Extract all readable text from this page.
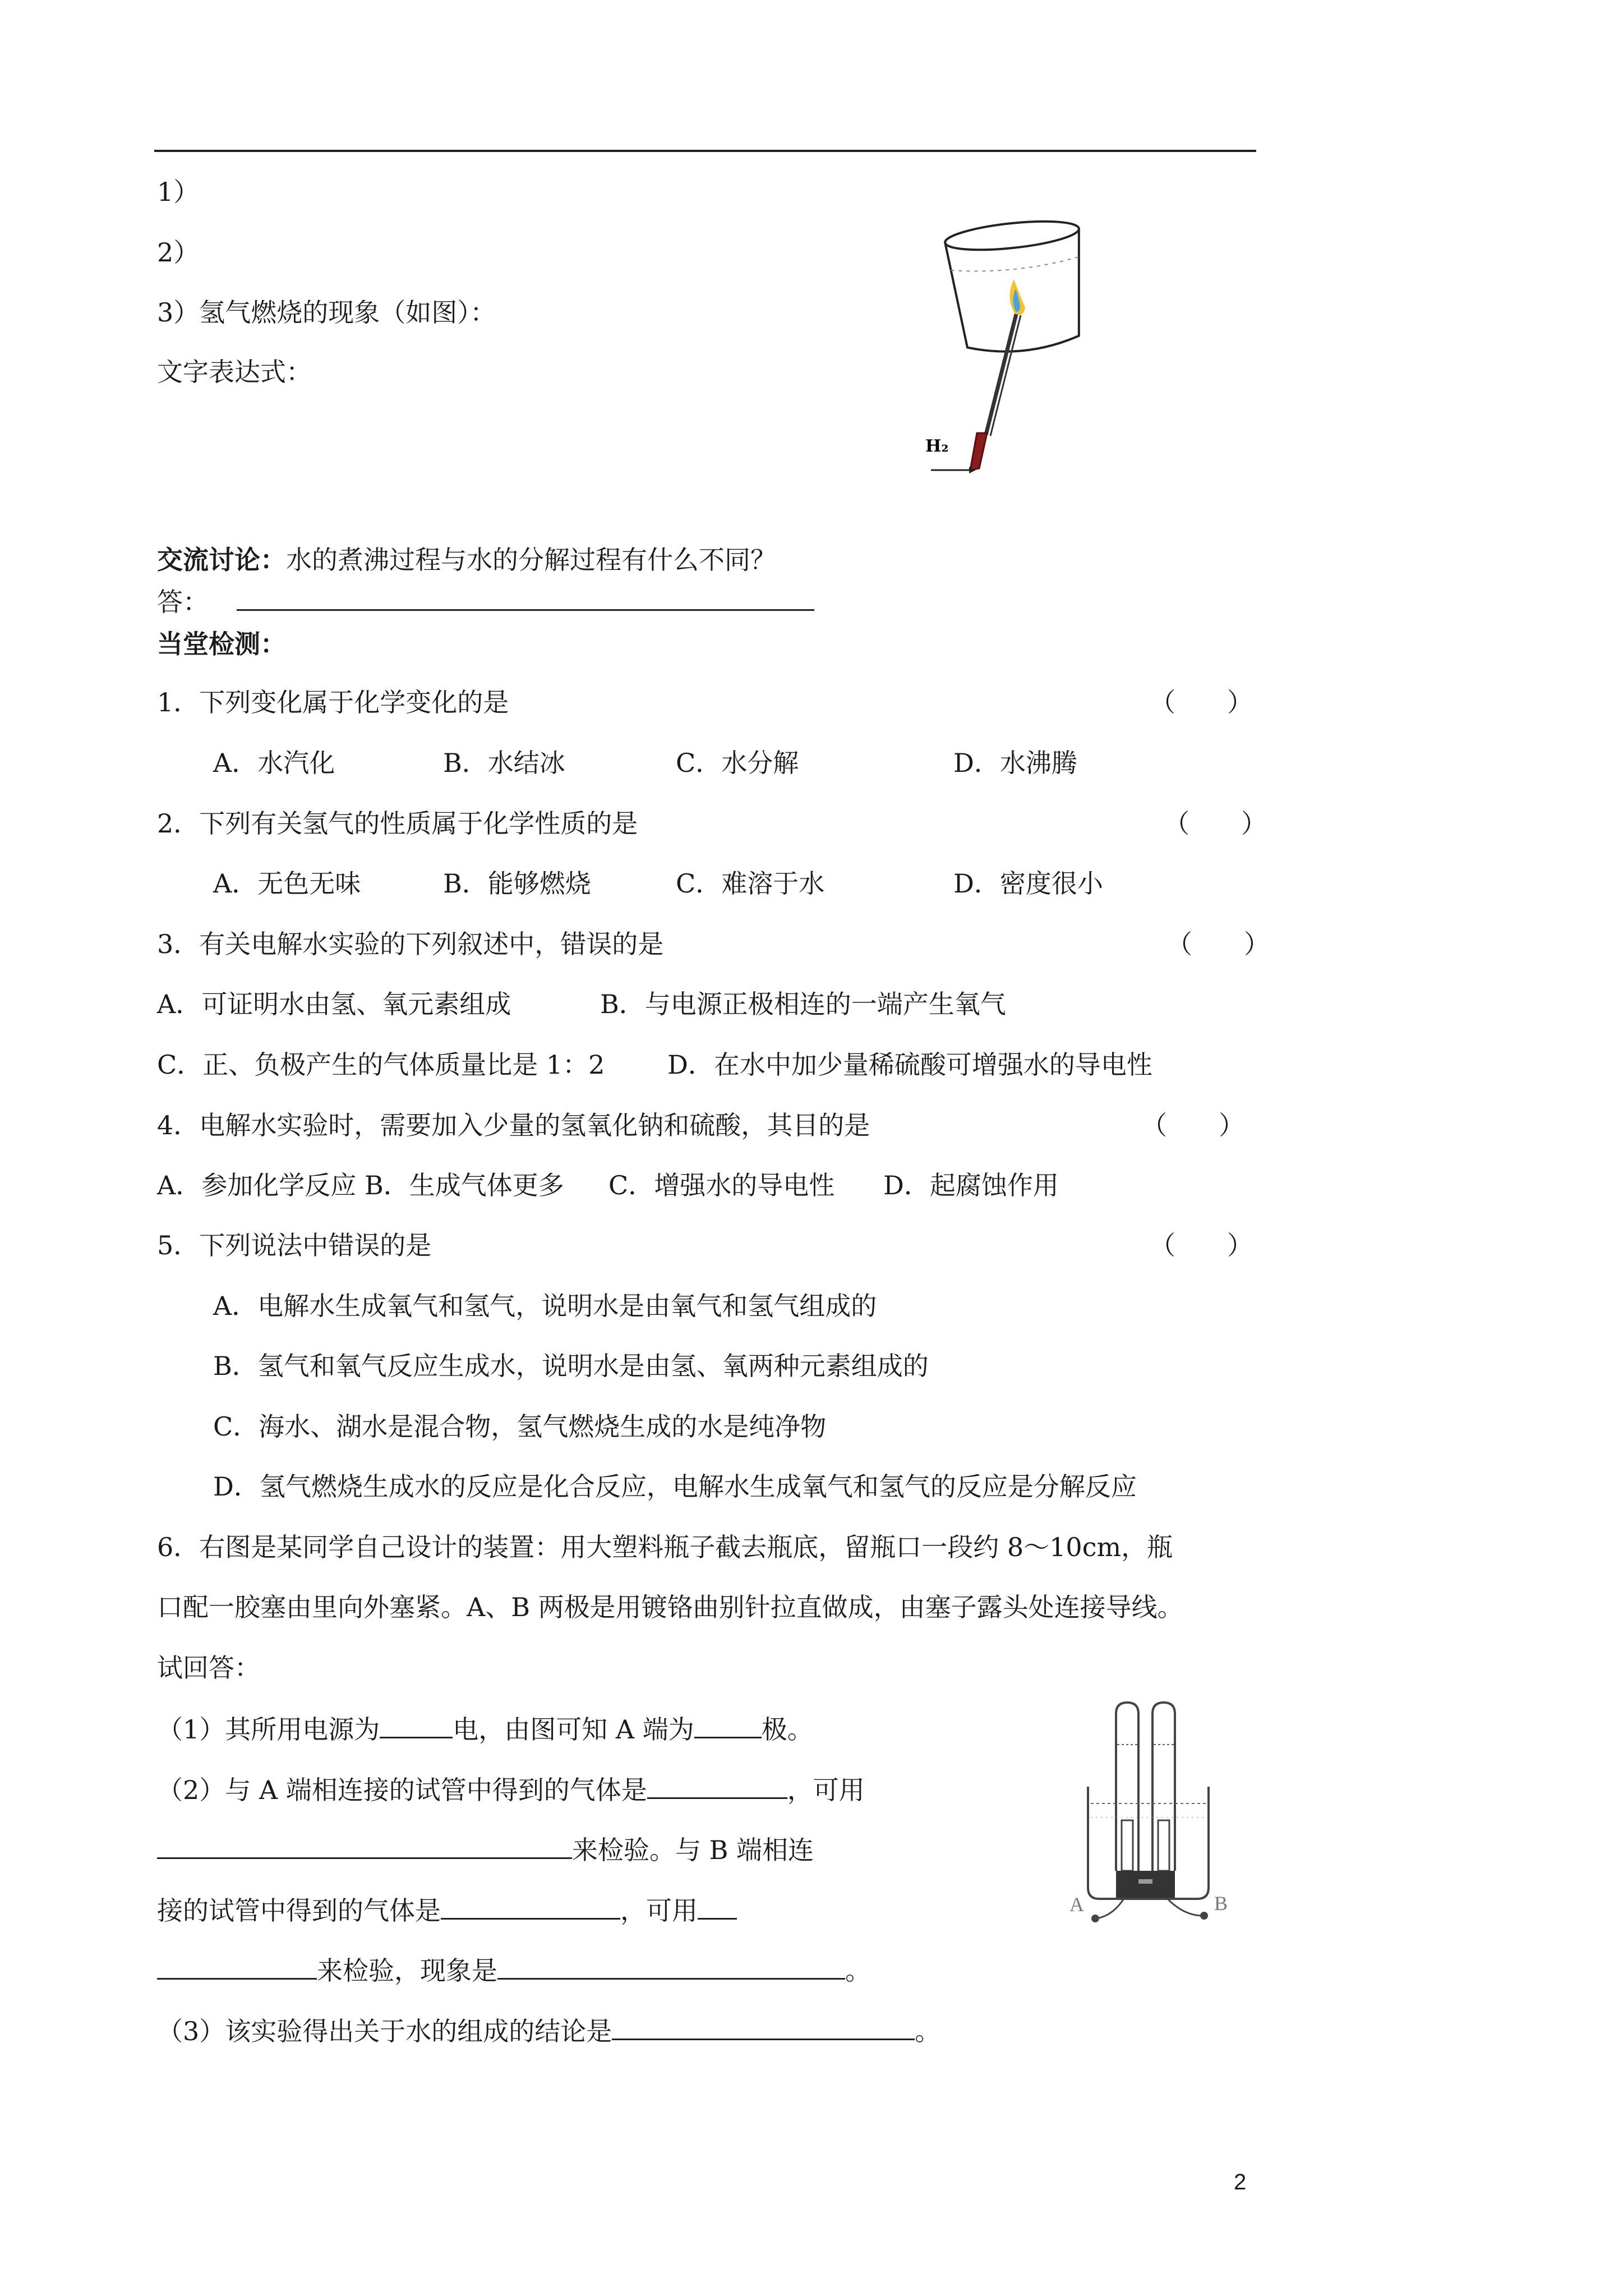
1）
2）
3）氢气燃烧的现象（如图）：
文字表达式：
H₂
交流讨论：水的煮沸过程与水的分解过程有什么不同？
答：
当堂检测：
1．下列变化属于化学变化的是	（　　）
A．水汽化	B．水结冰	C．水分解	D．水沸腾
2．下列有关氢气的性质属于化学性质的是	（　　）
A．无色无味	B．能够燃烧	C．难溶于水	D．密度很小
3．有关电解水实验的下列叙述中，错误的是	（　　）
A．可证明水由氢、氧元素组成	B．与电源正极相连的一端产生氧气
C．正、负极产生的气体质量比是 1：2 D．在水中加少量稀硫酸可增强水的导电性
4．电解水实验时，需要加入少量的氢氧化钠和硫酸，其目的是	（　　）
A．参加化学反应 B．生成气体更多 C．增强水的导电性 D．起腐蚀作用
5．下列说法中错误的是	（　　）
A．电解水生成氧气和氢气，说明水是由氧气和氢气组成的
B．氢气和氧气反应生成水，说明水是由氢、氧两种元素组成的
C．海水、湖水是混合物，氢气燃烧生成的水是纯净物
D．氢气燃烧生成水的反应是化合反应，电解水生成氧气和氢气的反应是分解反应
6．右图是某同学自己设计的装置：用大塑料瓶子截去瓶底，留瓶口一段约 8～10cm，瓶
口配一胶塞由里向外塞紧。A、B 两极是用镀铬曲别针拉直做成，由塞子露头处连接导线。
试回答：
（1）其所用电源为	电，由图可知 A 端为	极。
（2）与 A 端相连接的试管中得到的气体是	，可用
来检验。与 B 端相连
接的试管中得到的气体是	，可用
来检验，现象是	。
（3）该实验得出关于水的组成的结论是	。
A	B
2
